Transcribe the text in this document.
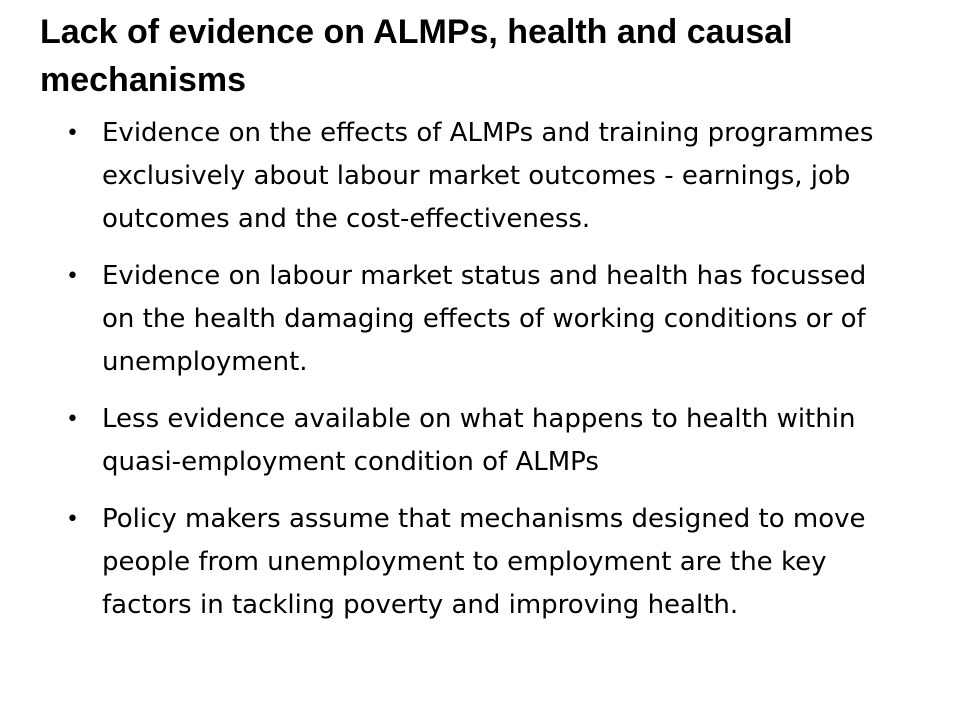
Lack of evidence on ALMPs, health and causal mechanisms
• Evidence on the effects of ALMPs and training programmes exclusively about labour market outcomes - earnings, job outcomes and the cost-effectiveness.
• Evidence on labour market status and health has focussed on the health damaging effects of working conditions or of unemployment.
• Less evidence available on what happens to health within quasi-employment condition of ALMPs
• Policy makers assume that mechanisms designed to move people from unemployment to employment are the key factors in tackling poverty and improving health.
